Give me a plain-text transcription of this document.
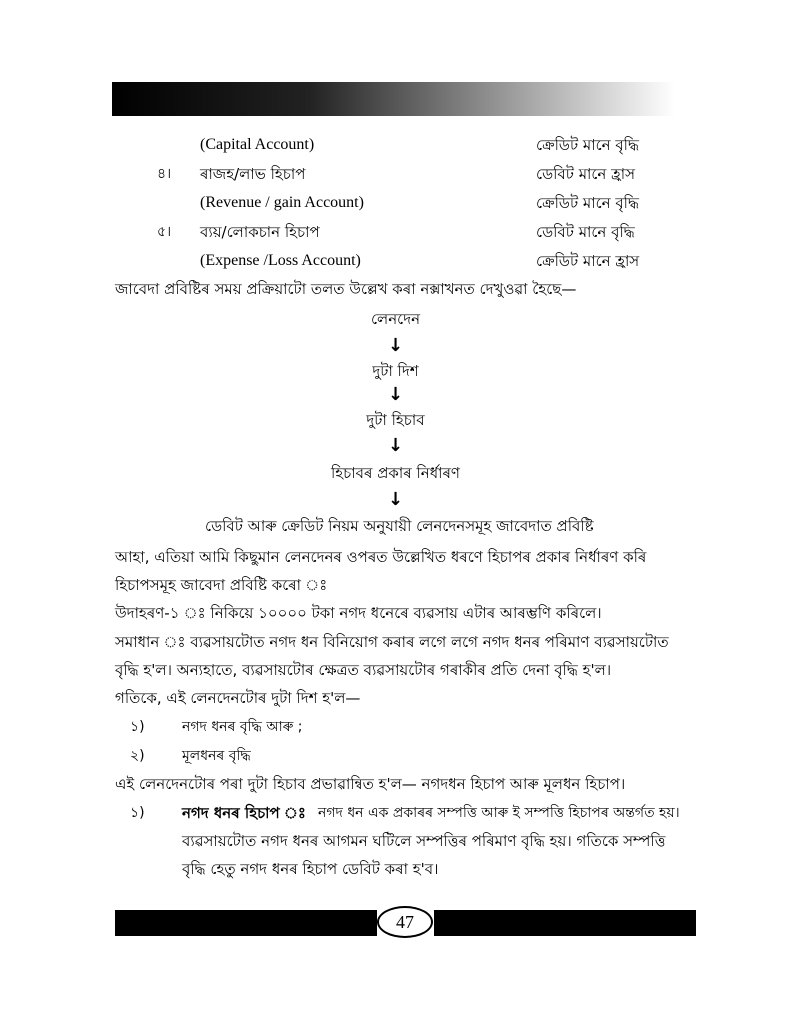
(Capital Account)	ক্ৰেডিট মানে বৃদ্ধি
৪। ৰাজহ/লাভ হিচাপ	ডেবিট মানে হ্ৰাস
(Revenue / gain Account)	ক্ৰেডিট মানে বৃদ্ধি
৫। ব্যয়/লোকচান হিচাপ	ডেবিট মানে বৃদ্ধি
(Expense /Loss Account)	ক্ৰেডিট মানে হ্ৰাস
জাবেদা প্ৰবিষ্টিৰ সময় প্ৰক্ৰিয়াটো তলত উল্লেখ কৰা নক্সাখনত দেখুওৱা হৈছে—
লেনদেন
↓
দুটা দিশ
↓
দুটা হিচাব
↓
হিচাবৰ প্ৰকাৰ নিৰ্ধাৰণ
↓
ডেবিট আৰু ক্ৰেডিট নিয়ম অনুযায়ী লেনদেনসমূহ জাবেদাত প্ৰবিষ্টি
আহা, এতিয়া আমি কিছুমান লেনদেনৰ ওপৰত উল্লেখিত ধৰণে হিচাপৰ প্ৰকাৰ নিৰ্ধাৰণ কৰি
হিচাপসমূহ জাবেদা প্ৰবিষ্টি কৰো ঃ
উদাহৰণ-১ ঃ নিকিয়ে ১০০০০ টকা নগদ ধনেৰে ব্যৱসায় এটাৰ আৰম্ভণি কৰিলে।
সমাধান ঃ ব্যৱসায়টোত নগদ ধন বিনিয়োগ কৰাৰ লগে লগে নগদ ধনৰ পৰিমাণ ব্যৱসায়টোত
বৃদ্ধি হ'ল। অন্যহাতে, ব্যৱসায়টোৰ ক্ষেত্ৰত ব্যৱসায়টোৰ গৰাকীৰ প্ৰতি দেনা বৃদ্ধি হ'ল।
গতিকে, এই লেনদেনটোৰ দুটা দিশ হ'ল—
১)	নগদ ধনৰ বৃদ্ধি আৰু ;
২)	মূলধনৰ বৃদ্ধি
এই লেনদেনটোৰ পৰা দুটা হিচাব প্ৰভাৱান্বিত হ'ল— নগদধন হিচাপ আৰু মূলধন হিচাপ।
১) নগদ ধনৰ হিচাপ ঃ নগদ ধন এক প্ৰকাৰৰ সম্পত্তি আৰু ই সম্পত্তি হিচাপৰ অন্তৰ্গত হয়।
ব্যৱসায়টোত নগদ ধনৰ আগমন ঘটিলে সম্পত্তিৰ পৰিমাণ বৃদ্ধি হয়। গতিকে সম্পত্তি
বৃদ্ধি হেতু নগদ ধনৰ হিচাপ ডেবিট কৰা হ'ব।
47
